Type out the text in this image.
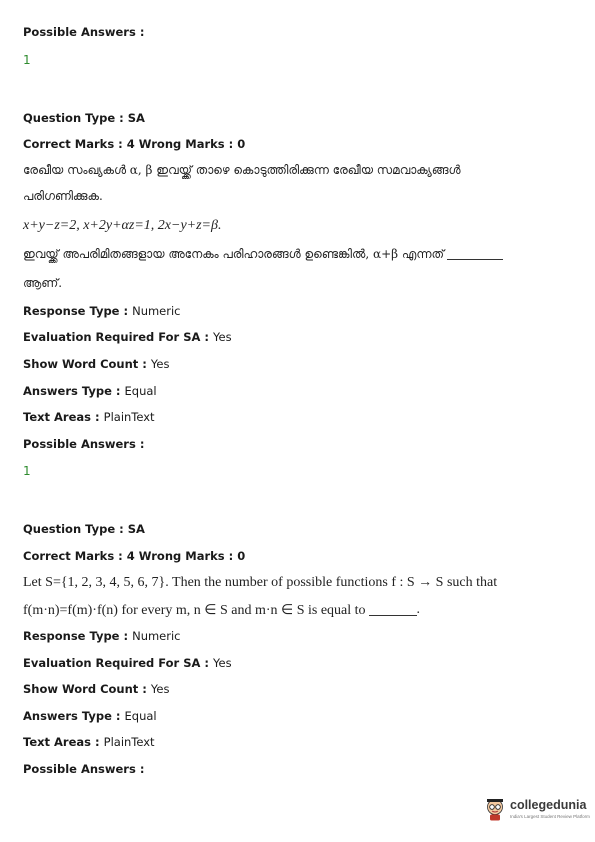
Possible Answers :
1
Question Type :
SA
Correct Marks : 4 Wrong Marks : 0
രേഖീയ സംഖ്യകൾ α, β ഇവയ്ക്ക് താഴെ കൊടുത്തിരിക്കുന്ന രേഖീയ സമവാക്യങ്ങൾ
പരിഗണിക്കുക.
x+y−z=2, x+2y+αz=1, 2x−y+z=β.
ഇവയ്ക്ക് അപരിമിതങ്ങളായ അനേകം പരിഹാരങ്ങൾ ഉണ്ടെങ്കിൽ, α+β എന്നത്
ആണ്.
Response Type :
Numeric
Evaluation Required For SA :
Yes
Show Word Count :
Yes
Answers Type :
Equal
Text Areas :
PlainText
Possible Answers :
1
Question Type :
SA
Correct Marks : 4 Wrong Marks : 0
Let S={1, 2, 3, 4, 5, 6, 7}. Then the number of possible functions f : S → S such that
f(m·n)=f(m)·f(n) for every m, n ∈ S and m·n ∈ S is equal to	.
Response Type :
Numeric
Evaluation Required For SA :
Yes
Show Word Count :
Yes
Answers Type :
Equal
Text Areas :
PlainText
Possible Answers :
collegedunia
India's Largest Student Review Platform
